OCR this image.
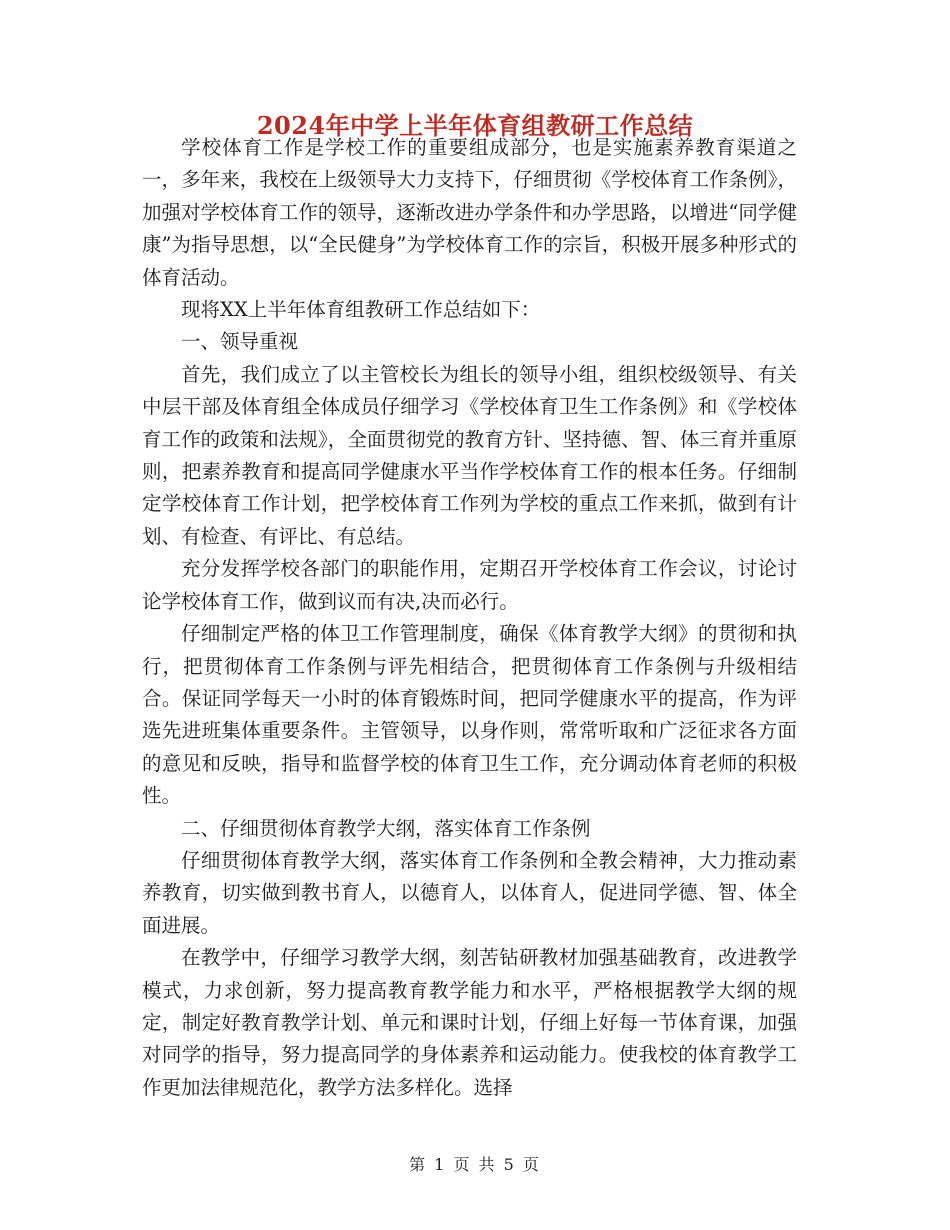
2024年中学上半年体育组教研工作总结

学校体育工作是学校工作的重要组成部分，也是实施素养教育渠道之一，多年来，我校在上级领导大力支持下，仔细贯彻《学校体育工作条例》，加强对学校体育工作的领导，逐渐改进办学条件和办学思路，以增进“同学健康”为指导思想，以“全民健身”为学校体育工作的宗旨，积极开展多种形式的体育活动。

现将XX上半年体育组教研工作总结如下：

一、领导重视

首先，我们成立了以主管校长为组长的领导小组，组织校级领导、有关中层干部及体育组全体成员仔细学习《学校体育卫生工作条例》和《学校体育工作的政策和法规》，全面贯彻党的教育方针、坚持德、智、体三育并重原则，把素养教育和提高同学健康水平当作学校体育工作的根本任务。仔细制定学校体育工作计划，把学校体育工作列为学校的重点工作来抓，做到有计划、有检查、有评比、有总结。

充分发挥学校各部门的职能作用，定期召开学校体育工作会议，讨论讨论学校体育工作，做到议而有决,决而必行。

仔细制定严格的体卫工作管理制度，确保《体育教学大纲》的贯彻和执行，把贯彻体育工作条例与评先相结合，把贯彻体育工作条例与升级相结合。保证同学每天一小时的体育锻炼时间，把同学健康水平的提高，作为评选先进班集体重要条件。主管领导，以身作则，常常听取和广泛征求各方面的意见和反映，指导和监督学校的体育卫生工作，充分调动体育老师的积极性。

二、仔细贯彻体育教学大纲，落实体育工作条例

仔细贯彻体育教学大纲，落实体育工作条例和全教会精神，大力推动素养教育，切实做到教书育人，以德育人，以体育人，促进同学德、智、体全面进展。

在教学中，仔细学习教学大纲，刻苦钻研教材加强基础教育，改进教学模式，力求创新，努力提高教育教学能力和水平，严格根据教学大纲的规定，制定好教育教学计划、单元和课时计划，仔细上好每一节体育课，加强对同学的指导，努力提高同学的身体素养和运动能力。使我校的体育教学工作更加法律规范化，教学方法多样化。选择

第 1 页 共 5 页
